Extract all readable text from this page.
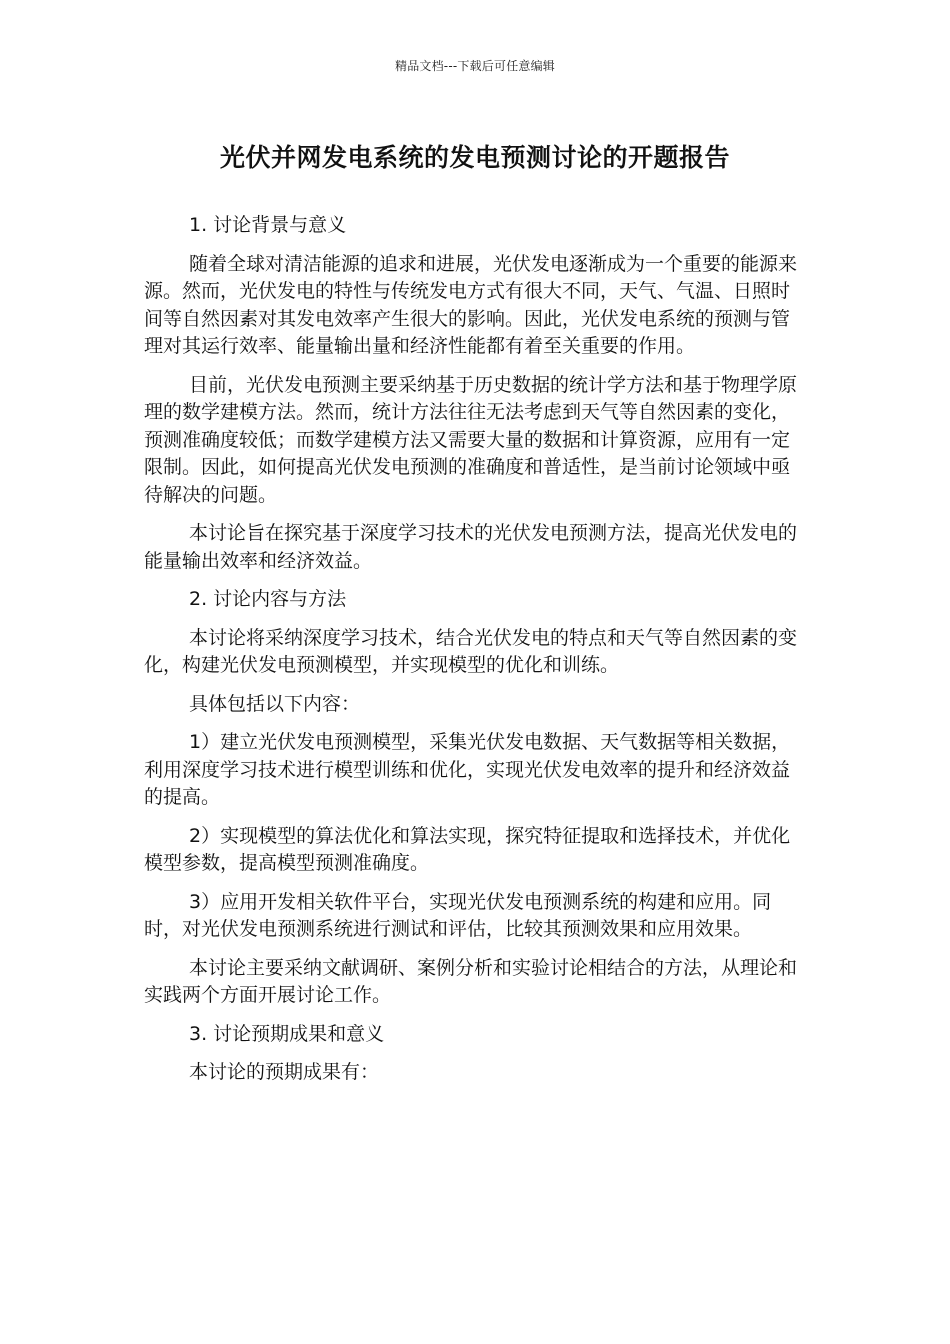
精品文档---下载后可任意编辑
光伏并网发电系统的发电预测讨论的开题报告

1. 讨论背景与意义

随着全球对清洁能源的追求和进展，光伏发电逐渐成为一个重要的能源来源。然而，光伏发电的特性与传统发电方式有很大不同，天气、气温、日照时间等自然因素对其发电效率产生很大的影响。因此，光伏发电系统的预测与管理对其运行效率、能量输出量和经济性能都有着至关重要的作用。

目前，光伏发电预测主要采纳基于历史数据的统计学方法和基于物理学原理的数学建模方法。然而，统计方法往往无法考虑到天气等自然因素的变化，预测准确度较低；而数学建模方法又需要大量的数据和计算资源，应用有一定限制。因此，如何提高光伏发电预测的准确度和普适性，是当前讨论领域中亟待解决的问题。

本讨论旨在探究基于深度学习技术的光伏发电预测方法，提高光伏发电的能量输出效率和经济效益。

2. 讨论内容与方法

本讨论将采纳深度学习技术，结合光伏发电的特点和天气等自然因素的变化，构建光伏发电预测模型，并实现模型的优化和训练。

具体包括以下内容：

1）建立光伏发电预测模型，采集光伏发电数据、天气数据等相关数据，利用深度学习技术进行模型训练和优化，实现光伏发电效率的提升和经济效益的提高。

2）实现模型的算法优化和算法实现，探究特征提取和选择技术，并优化模型参数，提高模型预测准确度。

3）应用开发相关软件平台，实现光伏发电预测系统的构建和应用。同时，对光伏发电预测系统进行测试和评估，比较其预测效果和应用效果。

本讨论主要采纳文献调研、案例分析和实验讨论相结合的方法，从理论和实践两个方面开展讨论工作。

3. 讨论预期成果和意义

本讨论的预期成果有：
